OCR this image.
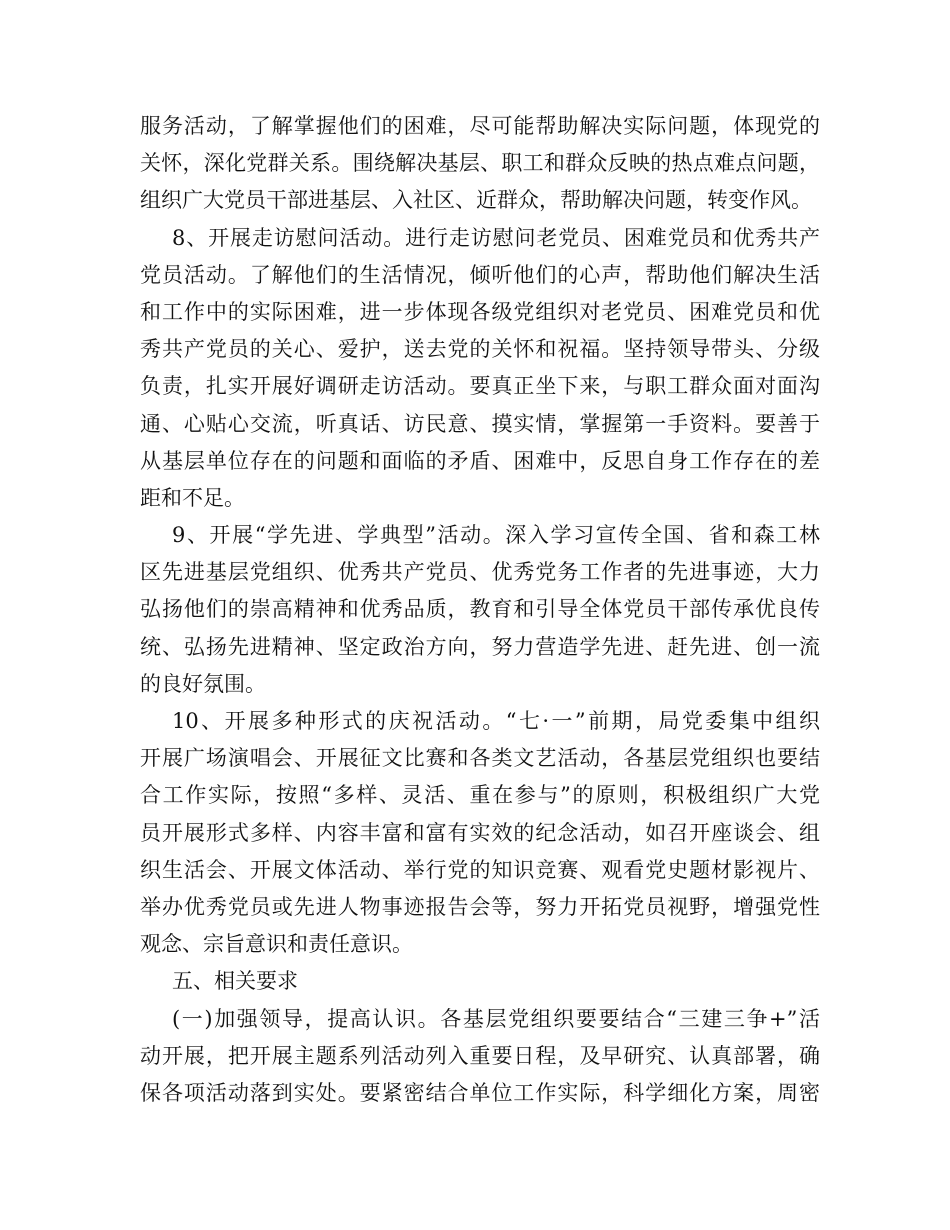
服务活动，了解掌握他们的困难，尽可能帮助解决实际问题，体现党的
关怀，深化党群关系。围绕解决基层、职工和群众反映的热点难点问题，
组织广大党员干部进基层、入社区、近群众，帮助解决问题，转变作风。
8、开展走访慰问活动。进行走访慰问老党员、困难党员和优秀共产
党员活动。了解他们的生活情况，倾听他们的心声，帮助他们解决生活
和工作中的实际困难，进一步体现各级党组织对老党员、困难党员和优
秀共产党员的关心、爱护，送去党的关怀和祝福。坚持领导带头、分级
负责，扎实开展好调研走访活动。要真正坐下来，与职工群众面对面沟
通、心贴心交流，听真话、访民意、摸实情，掌握第一手资料。要善于
从基层单位存在的问题和面临的矛盾、困难中，反思自身工作存在的差
距和不足。
9、开展“学先进、学典型”活动。深入学习宣传全国、省和森工林
区先进基层党组织、优秀共产党员、优秀党务工作者的先进事迹，大力
弘扬他们的崇高精神和优秀品质，教育和引导全体党员干部传承优良传
统、弘扬先进精神、坚定政治方向，努力营造学先进、赶先进、创一流
的良好氛围。
10、开展多种形式的庆祝活动。“七·一”前期，局党委集中组织
开展广场演唱会、开展征文比赛和各类文艺活动，各基层党组织也要结
合工作实际，按照“多样、灵活、重在参与”的原则，积极组织广大党
员开展形式多样、内容丰富和富有实效的纪念活动，如召开座谈会、组
织生活会、开展文体活动、举行党的知识竞赛、观看党史题材影视片、
举办优秀党员或先进人物事迹报告会等，努力开拓党员视野，增强党性
观念、宗旨意识和责任意识。
五、相关要求
(一)加强领导，提高认识。各基层党组织要要结合“三建三争+”活
动开展，把开展主题系列活动列入重要日程，及早研究、认真部署，确
保各项活动落到实处。要紧密结合单位工作实际，科学细化方案，周密
